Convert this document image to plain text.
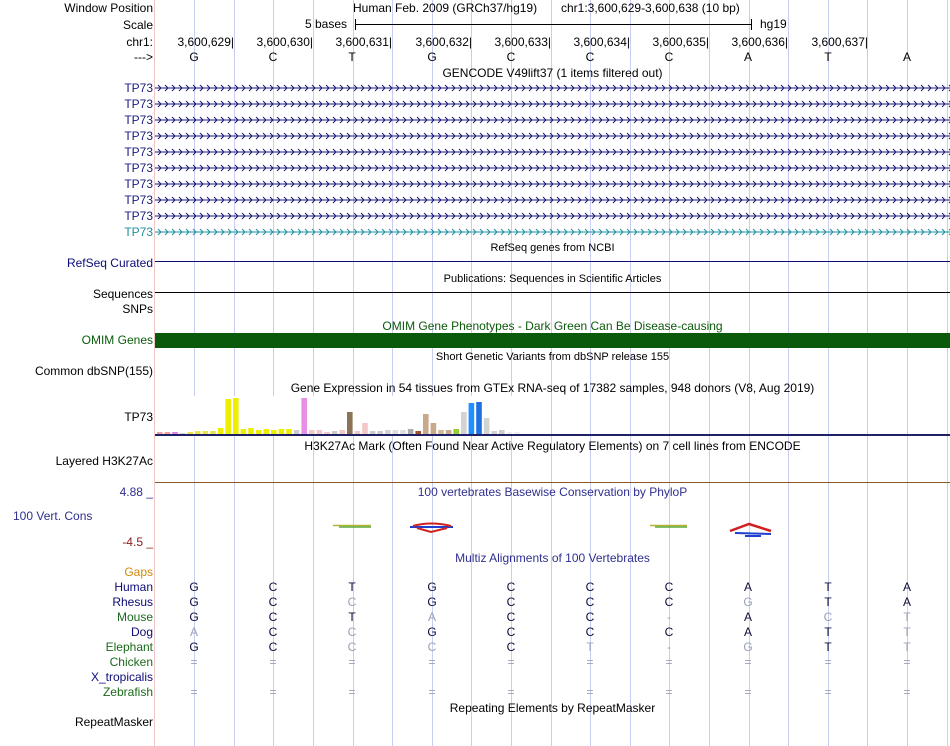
Window Position
Scale
chr1:
--->
Human Feb. 2009 (GRCh37/hg19) chr1:3,600,629-3,600,638 (10 bp)
5 bases	hg19
3,600,629|	3,600,630|	3,600,631|	3,600,632|	3,600,633|	3,600,634|	3,600,635|	3,600,636|	3,600,637|
G	C	T	G	C	C	C	A	T	A
GENCODE V49lift37 (1 items filtered out)
TP73
TP73
TP73
TP73
TP73
TP73
TP73
TP73
TP73
TP73
RefSeq genes from NCBI
RefSeq Curated
Publications: Sequences in Scientific Articles
Sequences
SNPs
OMIM Gene Phenotypes - Dark Green Can Be Disease-causing
OMIM Genes
Short Genetic Variants from dbSNP release 155
Common dbSNP(155)
Gene Expression in 54 tissues from GTEx RNA-seq of 17382 samples, 948 donors (V8, Aug 2019)
TP73
H3K27Ac Mark (Often Found Near Active Regulatory Elements) on 7 cell lines from ENCODE
Layered H3K27Ac
100 vertebrates Basewise Conservation by PhyloP
4.88 _
100 Vert. Cons
-4.5 _
Multiz Alignments of 100 Vertebrates
Gaps
Human	G	C	T	G	C	C	C	A	T	A
Rhesus	G	C	C	G	C	C	C	G	T	A
Mouse	G	C	T	A	C	C	-	A	C	T
Dog	A	C	C	G	C	C	C	A	T	T
Elephant	G	C	C	C	C	T	-	G	T	T
Chicken	=	=	=	=	=	=	=	=	=	=
X_tropicalis
Zebrafish	=	=	=	=	=	=	=	=	=	=
Repeating Elements by RepeatMasker
RepeatMasker
